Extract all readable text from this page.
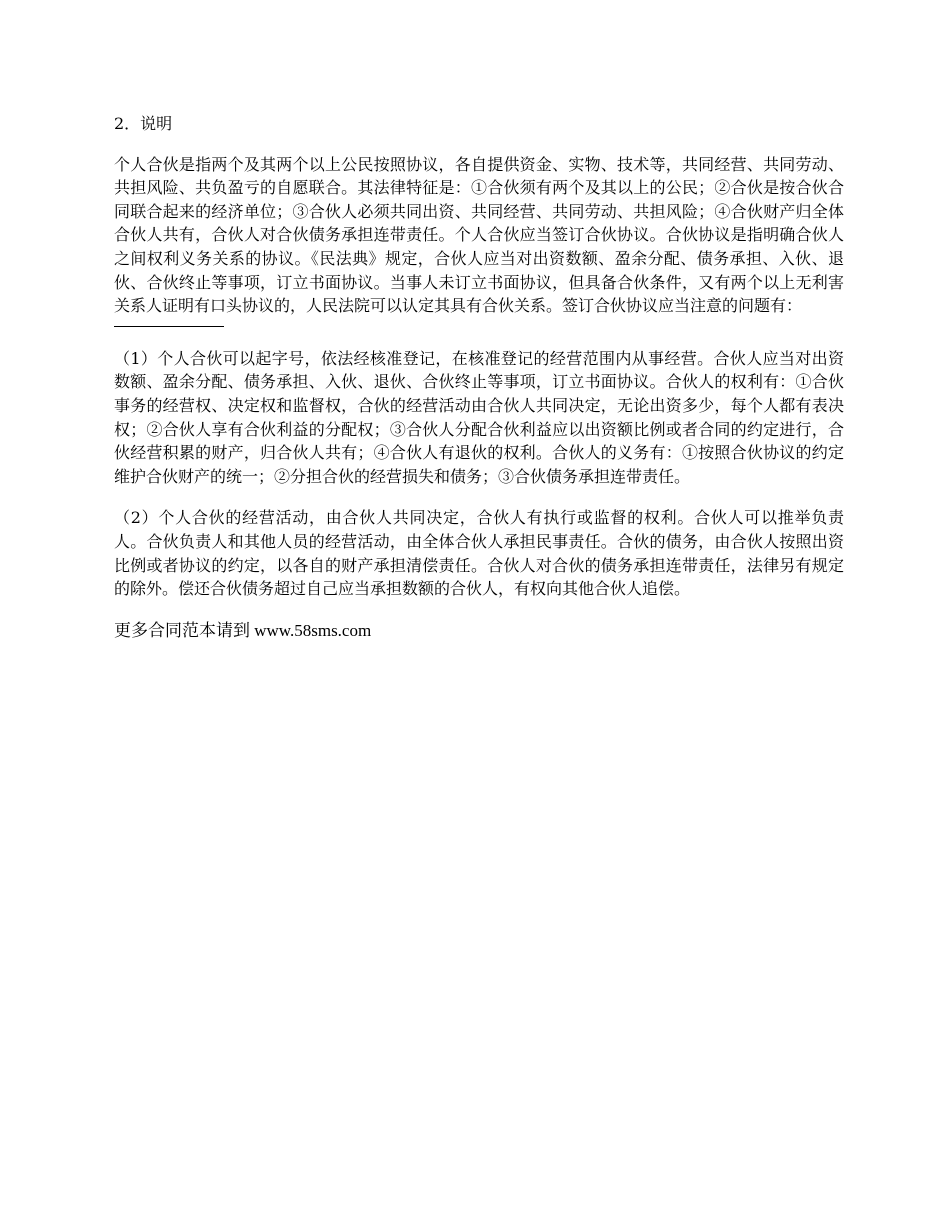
2．说明

个人合伙是指两个及其两个以上公民按照协议，各自提供资金、实物、技术等，共同经营、共同劳动、共担风险、共负盈亏的自愿联合。其法律特征是：①合伙须有两个及其以上的公民；②合伙是按合伙合同联合起来的经济单位；③合伙人必须共同出资、共同经营、共同劳动、共担风险；④合伙财产归全体合伙人共有，合伙人对合伙债务承担连带责任。个人合伙应当签订合伙协议。合伙协议是指明确合伙人之间权利义务关系的协议。《民法典》规定，合伙人应当对出资数额、盈余分配、债务承担、入伙、退伙、合伙终止等事项，订立书面协议。当事人未订立书面协议，但具备合伙条件，又有两个以上无利害关系人证明有口头协议的，人民法院可以认定其具有合伙关系。签订合伙协议应当注意的问题有：

（1）个人合伙可以起字号，依法经核准登记，在核准登记的经营范围内从事经营。合伙人应当对出资数额、盈余分配、债务承担、入伙、退伙、合伙终止等事项，订立书面协议。合伙人的权利有：①合伙事务的经营权、决定权和监督权，合伙的经营活动由合伙人共同决定，无论出资多少，每个人都有表决权；②合伙人享有合伙利益的分配权；③合伙人分配合伙利益应以出资额比例或者合同的约定进行，合伙经营积累的财产，归合伙人共有；④合伙人有退伙的权利。合伙人的义务有：①按照合伙协议的约定维护合伙财产的统一；②分担合伙的经营损失和债务；③合伙债务承担连带责任。

（2）个人合伙的经营活动，由合伙人共同决定，合伙人有执行或监督的权利。合伙人可以推举负责人。合伙负责人和其他人员的经营活动，由全体合伙人承担民事责任。合伙的债务，由合伙人按照出资比例或者协议的约定，以各自的财产承担清偿责任。合伙人对合伙的债务承担连带责任，法律另有规定的除外。偿还合伙债务超过自己应当承担数额的合伙人，有权向其他合伙人追偿。

更多合同范本请到 www.58sms.com
